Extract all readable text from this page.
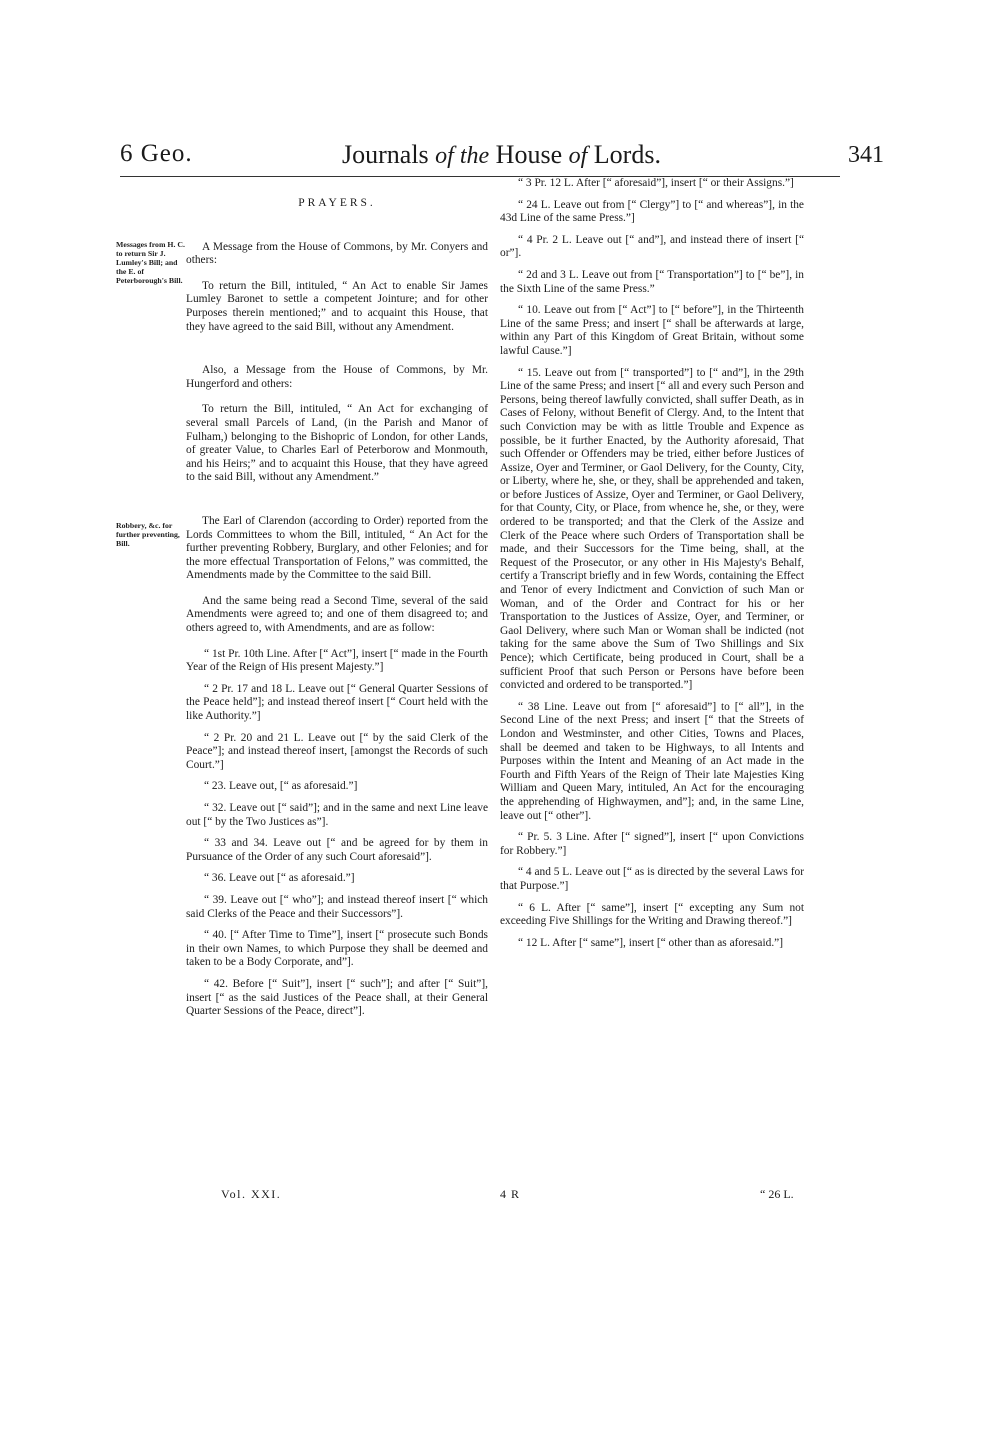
6 Geo.	Journals of the House of Lords.	341
Messages from H. C. to return Sir J. Lumley's Bill; and the E. of Peterborough's Bill.
Robbery, &c. for further preventing, Bill.
PRAYERS.

A Message from the House of Commons, by Mr. Conyers and others:

To return the Bill, intituled, “ An Act to enable Sir James Lumley Baronet to settle a competent Jointure; and for other Purposes therein mentioned;” and to acquaint this House, that they have agreed to the said Bill, without any Amendment.

Also, a Message from the House of Commons, by Mr. Hungerford and others:

To return the Bill, intituled, “ An Act for exchanging of several small Parcels of Land, (in the Parish and Manor of Fulham,) belonging to the Bishopric of London, for other Lands, of greater Value, to Charles Earl of Peterborow and Monmouth, and his Heirs;” and to acquaint this House, that they have agreed to the said Bill, without any Amendment.”

The Earl of Clarendon (according to Order) reported from the Lords Committees to whom the Bill, intituled, “ An Act for the further preventing Robbery, Burglary, and other Felonies; and for the more effectual Transportation of Felons,” was committed, the Amendments made by the Committee to the said Bill.

And the same being read a Second Time, several of the said Amendments were agreed to; and one of them disagreed to; and others agreed to, with Amendments, and are as follow:

“ 1st Pr. 10th Line. After [“ Act”], insert [“ made in the Fourth Year of the Reign of His present Majesty.”]

“ 2 Pr. 17 and 18 L. Leave out [“ General Quarter Sessions of the Peace held”]; and instead thereof insert [“ Court held with the like Authority.”]

“ 2 Pr. 20 and 21 L. Leave out [“ by the said Clerk of the Peace”]; and instead thereof insert, [amongst the Records of such Court.”]

“ 23. Leave out, [“ as aforesaid.”]

“ 32. Leave out [“ said”]; and in the same and next Line leave out [“ by the Two Justices as”].

“ 33 and 34. Leave out [“ and be agreed for by them in Pursuance of the Order of any such Court aforesaid”].

“ 36. Leave out [“ as aforesaid.”]

“ 39. Leave out [“ who”]; and instead thereof insert [“ which said Clerks of the Peace and their Successors”].

“ 40. [“ After Time to Time”], insert [“ prosecute such Bonds in their own Names, to which Purpose they shall be deemed and taken to be a Body Corporate, and”].

“ 42. Before [“ Suit”], insert [“ such”]; and after [“ Suit”], insert [“ as the said Justices of the Peace shall, at their General Quarter Sessions of the Peace, direct”].

“ 3 Pr. 12 L. After [“ aforesaid”], insert [“ or their Assigns.”]

“ 24 L. Leave out from [“ Clergy”] to [“ and whereas”], in the 43d Line of the same Press.”]

“ 4 Pr. 2 L. Leave out [“ and”], and instead there of insert [“ or”].

“ 2d and 3 L. Leave out from [“ Transportation”] to [“ be”], in the Sixth Line of the same Press.”

“ 10. Leave out from [“ Act”] to [“ before”], in the Thirteenth Line of the same Press; and insert [“ shall be afterwards at large, within any Part of this Kingdom of Great Britain, without some lawful Cause.”]

“ 15. Leave out from [“ transported”] to [“ and”], in the 29th Line of the same Press; and insert [“ all and every such Person and Persons, being thereof lawfully convicted, shall suffer Death, as in Cases of Felony, without Benefit of Clergy. And, to the Intent that such Conviction may be with as little Trouble and Expence as possible, be it further Enacted, by the Authority aforesaid, That such Offender or Offenders may be tried, either before Justices of Assize, Oyer and Terminer, or Gaol Delivery, for the County, City, or Liberty, where he, she, or they, shall be apprehended and taken, or before Justices of Assize, Oyer and Terminer, or Gaol Delivery, for that County, City, or Place, from whence he, she, or they, were ordered to be transported; and that the Clerk of the Assize and Clerk of the Peace where such Orders of Transportation shall be made, and their Successors for the Time being, shall, at the Request of the Prosecutor, or any other in His Majesty's Behalf, certify a Transcript briefly and in few Words, containing the Effect and Tenor of every Indictment and Conviction of such Man or Woman, and of the Order and Contract for his or her Transportation to the Justices of Assize, Oyer, and Terminer, or Gaol Delivery, where such Man or Woman shall be indicted (not taking for the same above the Sum of Two Shillings and Six Pence); which Certificate, being produced in Court, shall be a sufficient Proof that such Person or Persons have before been convicted and ordered to be transported.”]

“ 38 Line. Leave out from [“ aforesaid”] to [“ all”], in the Second Line of the next Press; and insert [“ that the Streets of London and Westminster, and other Cities, Towns and Places, shall be deemed and taken to be Highways, to all Intents and Purposes within the Intent and Meaning of an Act made in the Fourth and Fifth Years of the Reign of Their late Majesties King William and Queen Mary, intituled, An Act for the encouraging the apprehending of Highwaymen, and”]; and, in the same Line, leave out [“ other”].

“ Pr. 5. 3 Line. After [“ signed”], insert [“ upon Convictions for Robbery.”]

“ 4 and 5 L. Leave out [“ as is directed by the several Laws for that Purpose.”]

“ 6 L. After [“ same”], insert [“ excepting any Sum not exceeding Five Shillings for the Writing and Drawing thereof.”]

“ 12 L. After [“ same”], insert [“ other than as aforesaid.”]

Vol. XXI.	4 R	“ 26 L.
